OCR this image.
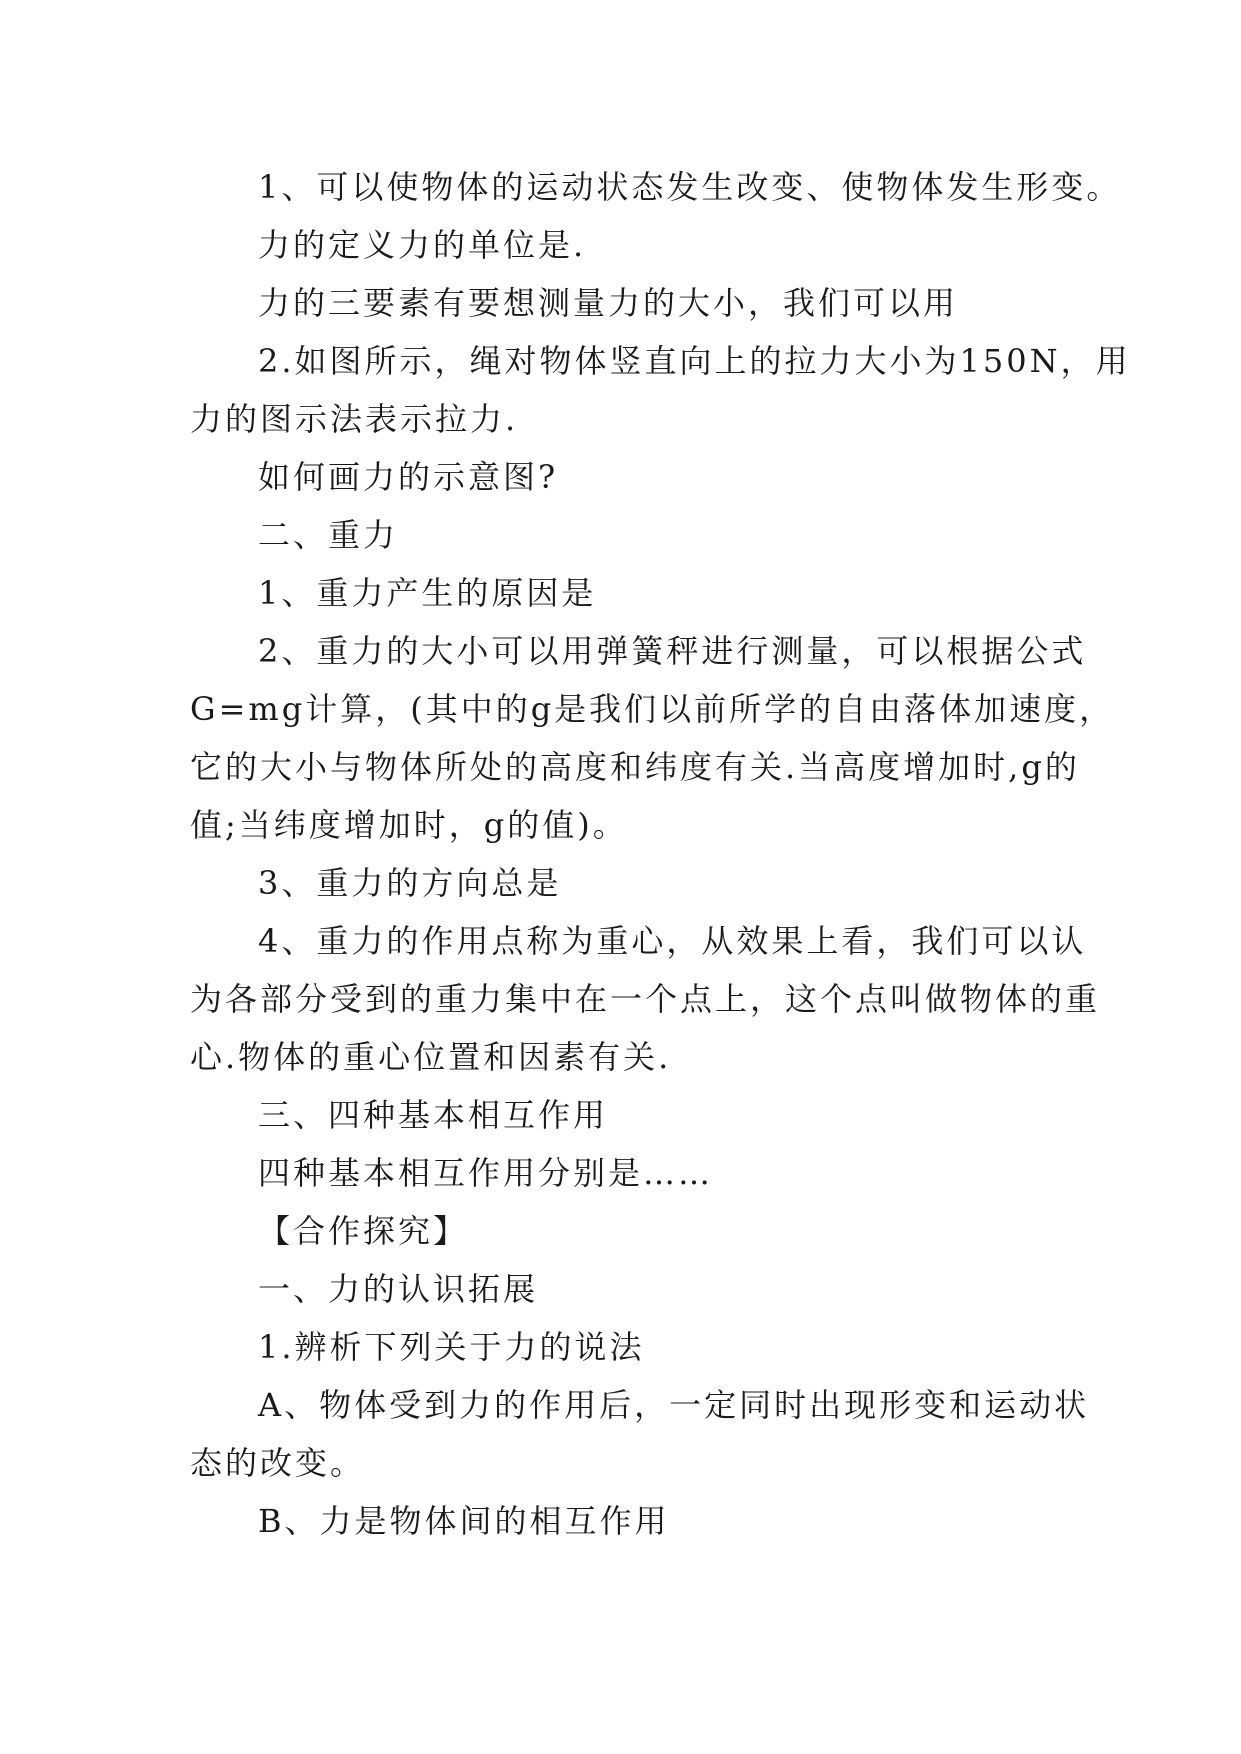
1、可以使物体的运动状态发生改变、使物体发生形变。

力的定义力的单位是.

力的三要素有要想测量力的大小，我们可以用

2.如图所示，绳对物体竖直向上的拉力大小为150N，用

力的图示法表示拉力.

如何画力的示意图?

二、重力

1、重力产生的原因是

2、重力的大小可以用弹簧秤进行测量，可以根据公式

G=mg计算，(其中的g是我们以前所学的自由落体加速度，

它的大小与物体所处的高度和纬度有关.当高度增加时,g的

值;当纬度增加时，g的值)。

3、重力的方向总是

4、重力的作用点称为重心，从效果上看，我们可以认

为各部分受到的重力集中在一个点上，这个点叫做物体的重

心.物体的重心位置和因素有关.

三、四种基本相互作用

四种基本相互作用分别是……

【合作探究】

一、力的认识拓展

1.辨析下列关于力的说法

A、物体受到力的作用后，一定同时出现形变和运动状

态的改变。

B、力是物体间的相互作用
